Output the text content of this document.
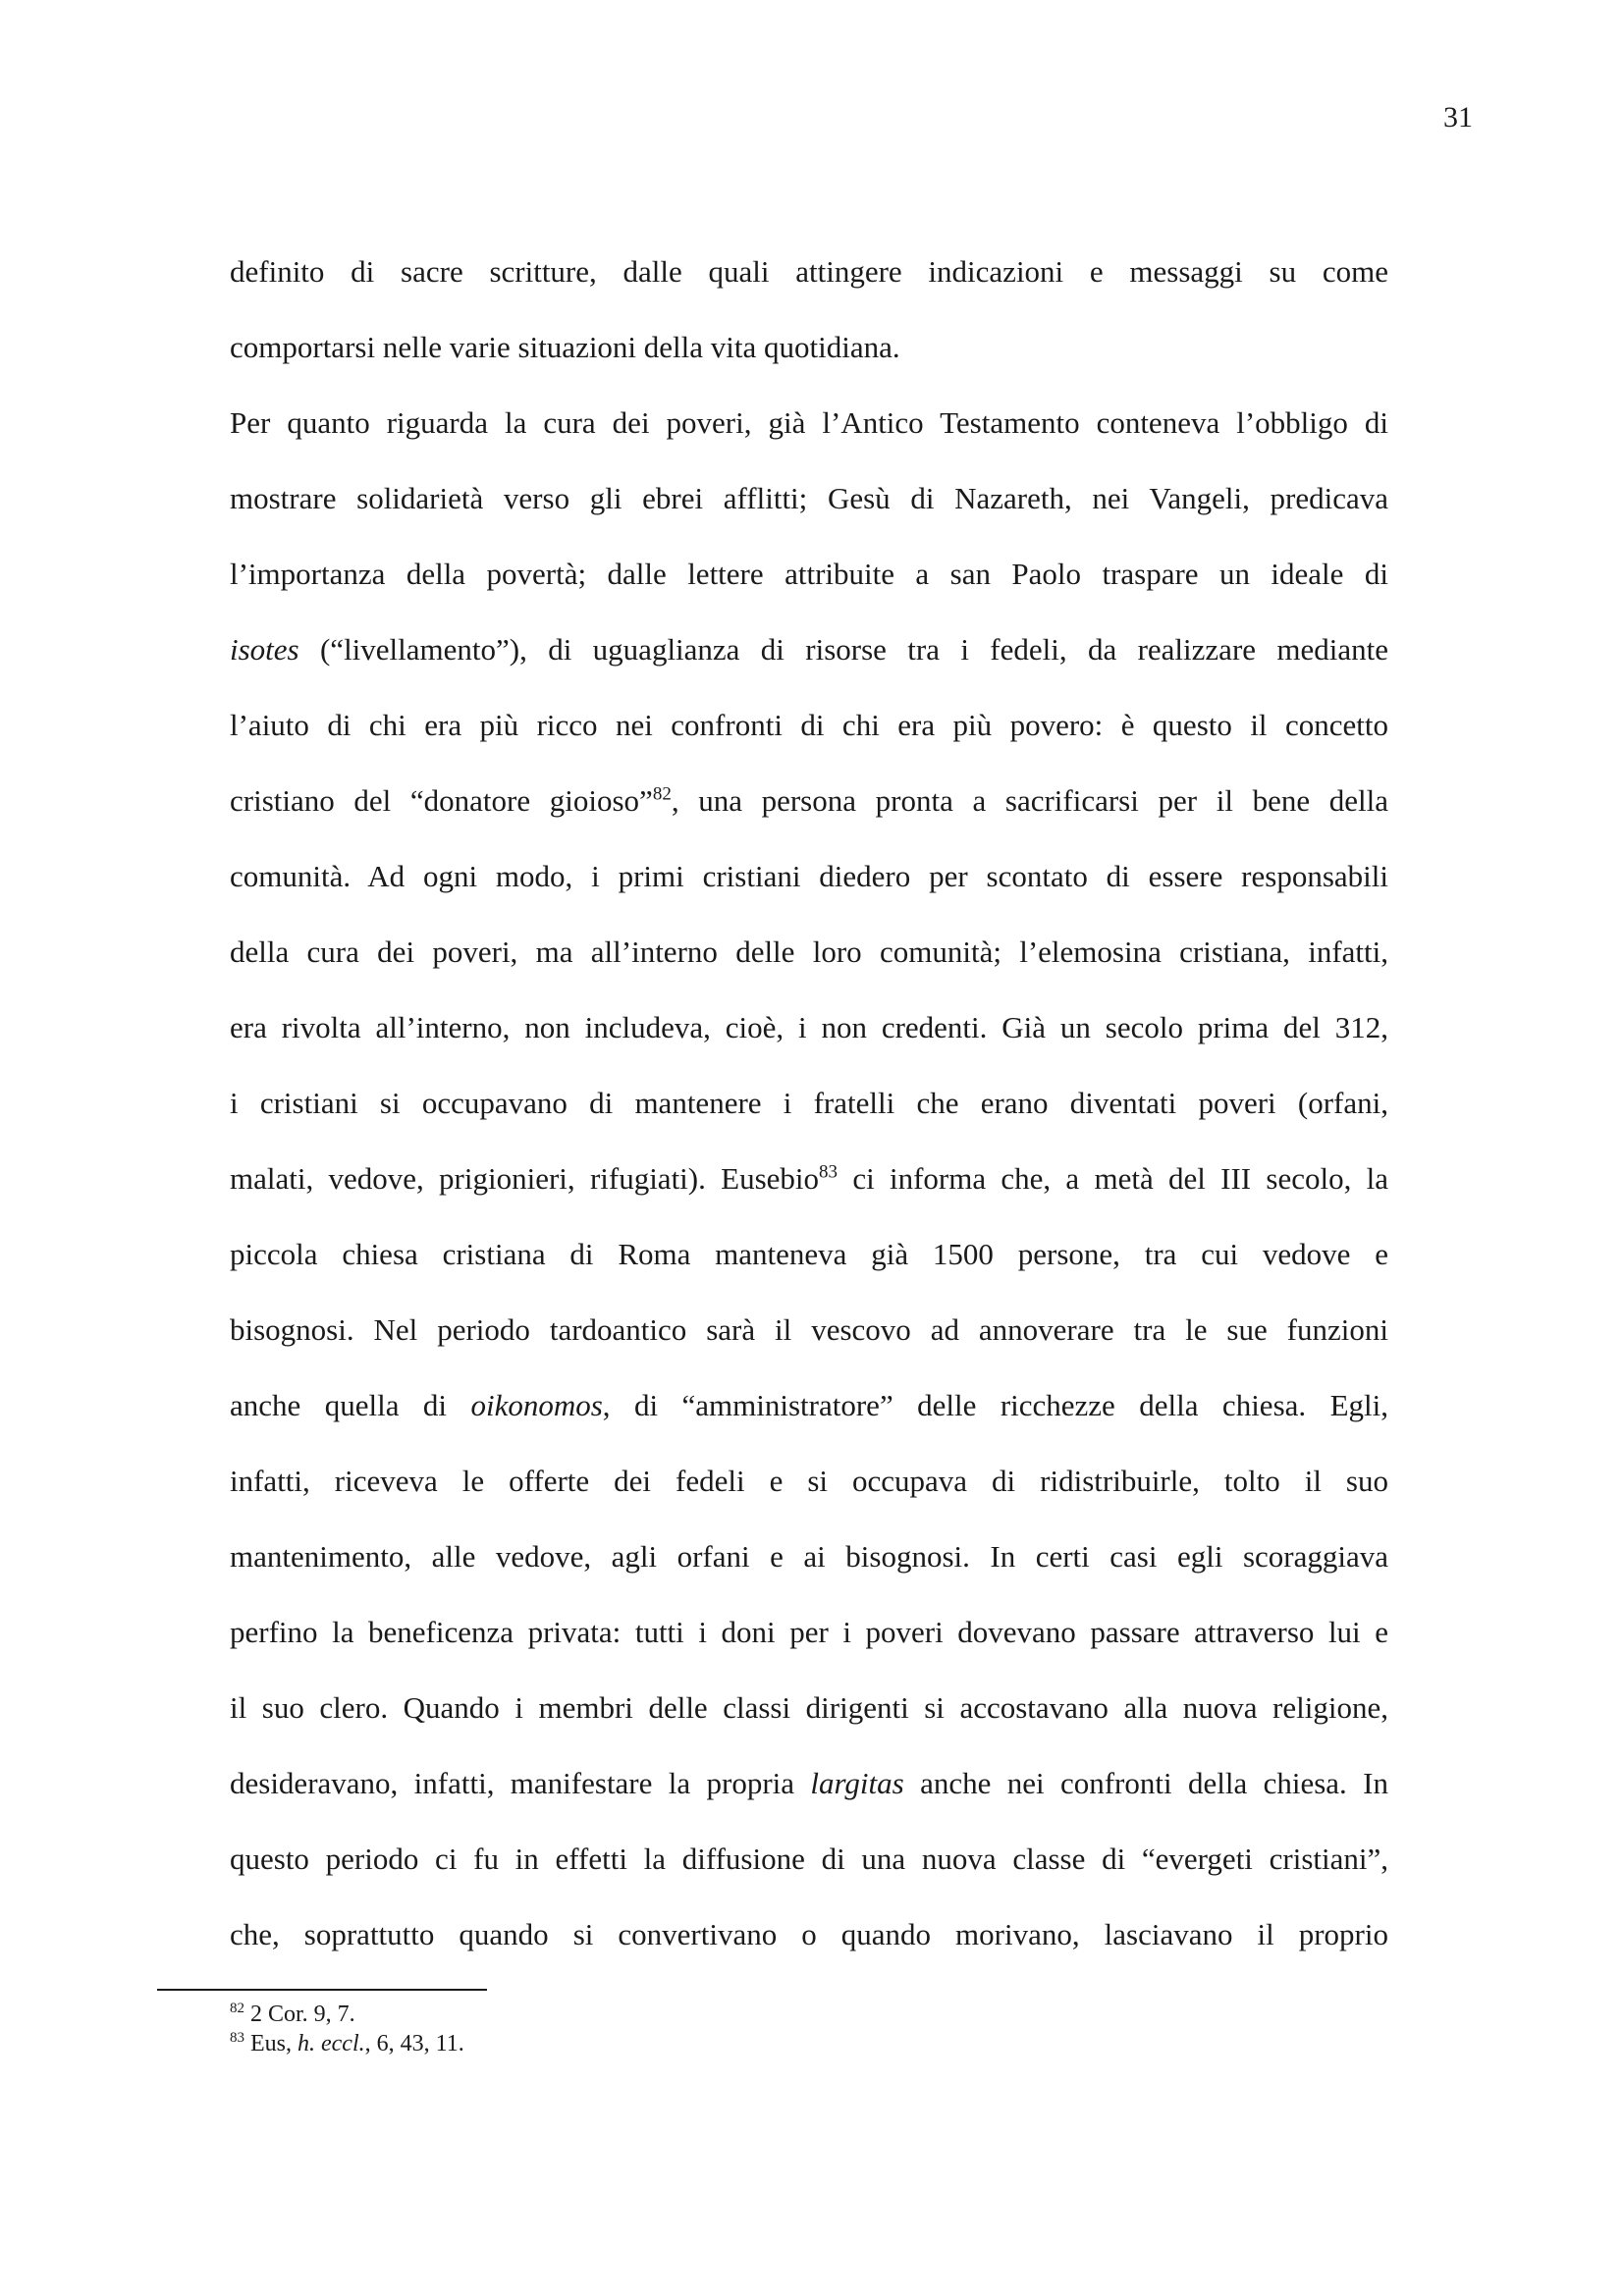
31
definito di sacre scritture, dalle quali attingere indicazioni e messaggi su come
comportarsi nelle varie situazioni della vita quotidiana.
Per quanto riguarda la cura dei poveri, già l’Antico Testamento conteneva l’obbligo di
mostrare solidarietà verso gli ebrei afflitti; Gesù di Nazareth, nei Vangeli, predicava
l’importanza della povertà; dalle lettere attribuite a san Paolo traspare un ideale di
isotes (“livellamento”), di uguaglianza di risorse tra i fedeli, da realizzare mediante
l’aiuto di chi era più ricco nei confronti di chi era più povero: è questo il concetto
cristiano del “donatore gioioso”$^{82}$, una persona pronta a sacrificarsi per il bene della
comunità. Ad ogni modo, i primi cristiani diedero per scontato di essere responsabili
della cura dei poveri, ma all’interno delle loro comunità; l’elemosina cristiana, infatti,
era rivolta all’interno, non includeva, cioè, i non credenti. Già un secolo prima del 312,
i cristiani si occupavano di mantenere i fratelli che erano diventati poveri (orfani,
malati, vedove, prigionieri, rifugiati). Eusebio$^{83}$ ci informa che, a metà del III secolo, la
piccola chiesa cristiana di Roma manteneva già 1500 persone, tra cui vedove e
bisognosi. Nel periodo tardoantico sarà il vescovo ad annoverare tra le sue funzioni
anche quella di oikonomos, di “amministratore” delle ricchezze della chiesa. Egli,
infatti, riceveva le offerte dei fedeli e si occupava di ridistribuirle, tolto il suo
mantenimento, alle vedove, agli orfani e ai bisognosi. In certi casi egli scoraggiava
perfino la beneficenza privata: tutti i doni per i poveri dovevano passare attraverso lui e
il suo clero. Quando i membri delle classi dirigenti si accostavano alla nuova religione,
desideravano, infatti, manifestare la propria largitas anche nei confronti della chiesa. In
questo periodo ci fu in effetti la diffusione di una nuova classe di “evergeti cristiani”,
che, soprattutto quando si convertivano o quando morivano, lasciavano il proprio
$^{82}$ 2 Cor. 9, 7.
$^{83}$ Eus, h. eccl., 6, 43, 11.
